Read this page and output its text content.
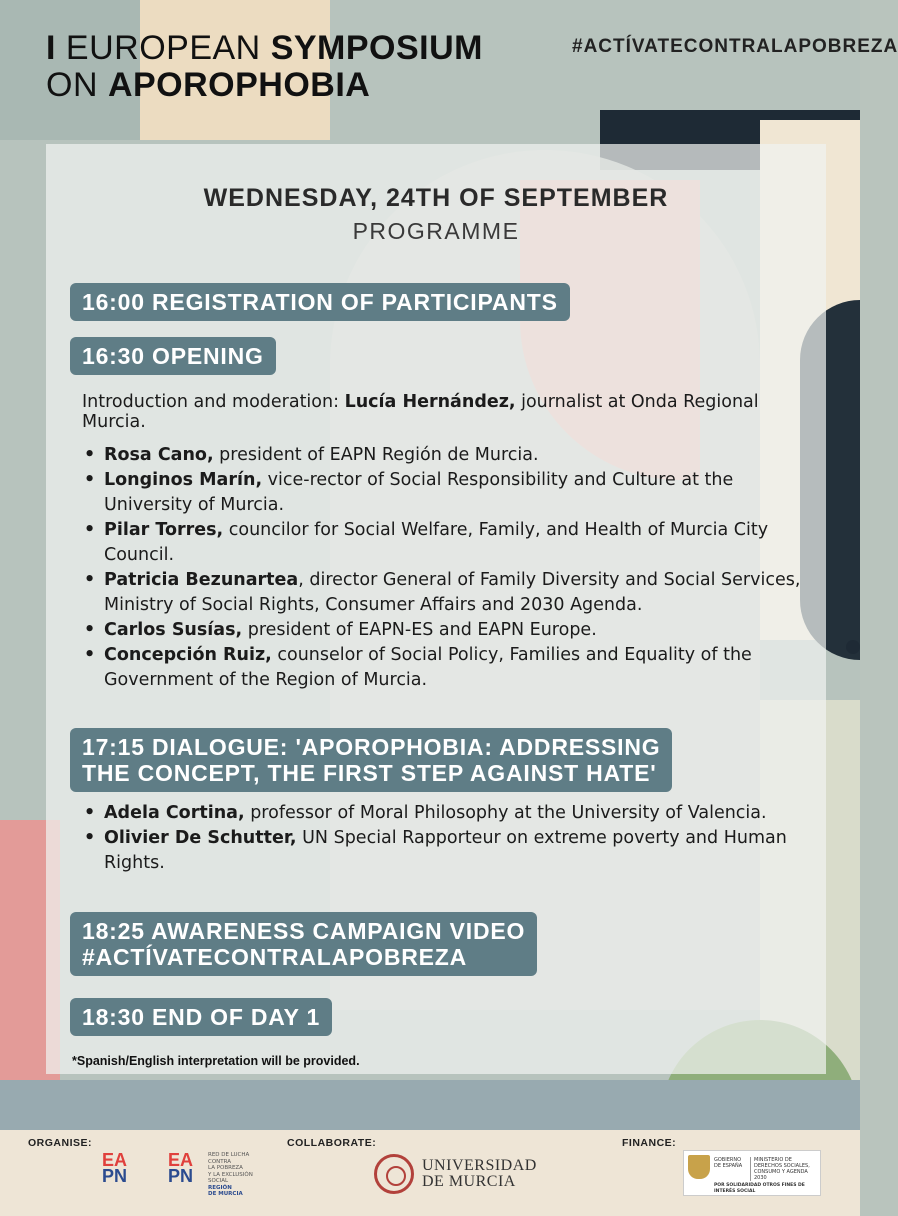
I EUROPEAN SYMPOSIUM
ON APOROPHOBIA
#ACTÍVATECONTRALAPOBREZA
WEDNESDAY, 24TH OF SEPTEMBER
PROGRAMME
16:00 REGISTRATION OF PARTICIPANTS
16:30 OPENING
Introduction and moderation: Lucía Hernández, journalist at Onda Regional Murcia.
• Rosa Cano, president of EAPN Región de Murcia.
• Longinos Marín, vice-rector of Social Responsibility and Culture at the University of Murcia.
• Pilar Torres, councilor for Social Welfare, Family, and Health of Murcia City Council.
• Patricia Bezunartea, director General of Family Diversity and Social Services, Ministry of Social Rights, Consumer Affairs and 2030 Agenda.
• Carlos Susías, president of EAPN-ES and EAPN Europe.
• Concepción Ruiz, counselor of Social Policy, Families and Equality of the Government of the Region of Murcia.
17:15 DIALOGUE: 'APOROPHOBIA: ADDRESSING
THE CONCEPT, THE FIRST STEP AGAINST HATE'
• Adela Cortina, professor of Moral Philosophy at the University of Valencia.
• Olivier De Schutter, UN Special Rapporteur on extreme poverty and Human Rights.
18:25 AWARENESS CAMPAIGN VIDEO
#ACTÍVATECONTRALAPOBREZA
18:30 END OF DAY 1
*Spanish/English interpretation will be provided.
ORGANISE:	COLLABORATE:	FINANCE:
EA
PN
EA
PN
RED DE LUCHA
CONTRA
LA POBREZA
Y LA EXCLUSIÓN
SOCIAL
REGIÓN
DE MURCIA
UNIVERSIDAD
DE MURCIA
GOBIERNO DE ESPAÑA
MINISTERIO DE DERECHOS SOCIALES, CONSUMO Y AGENDA 2030
POR SOLIDARIDAD OTROS FINES DE INTERÉS SOCIAL
